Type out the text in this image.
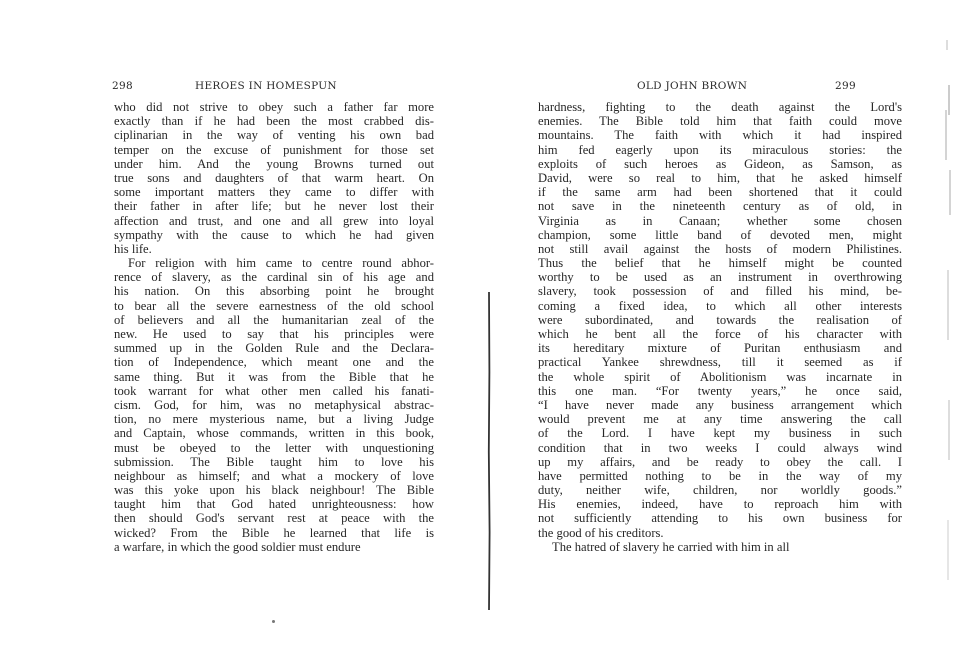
298	HEROES IN HOMESPUN
who did not strive to obey such a father far more
exactly than if he had been the most crabbed dis-
ciplinarian in the way of venting his own bad
temper on the excuse of punishment for those set
under him. And the young Browns turned out
true sons and daughters of that warm heart. On
some important matters they came to differ with
their father in after life; but he never lost their
affection and trust, and one and all grew into loyal
sympathy with the cause to which he had given
his life.
For religion with him came to centre round abhor-
rence of slavery, as the cardinal sin of his age and
his nation. On this absorbing point he brought
to bear all the severe earnestness of the old school
of believers and all the humanitarian zeal of the
new. He used to say that his principles were
summed up in the Golden Rule and the Declara-
tion of Independence, which meant one and the
same thing. But it was from the Bible that he
took warrant for what other men called his fanati-
cism. God, for him, was no metaphysical abstrac-
tion, no mere mysterious name, but a living Judge
and Captain, whose commands, written in this book,
must be obeyed to the letter with unquestioning
submission. The Bible taught him to love his
neighbour as himself; and what a mockery of love
was this yoke upon his black neighbour! The Bible
taught him that God hated unrighteousness: how
then should God's servant rest at peace with the
wicked? From the Bible he learned that life is
a warfare, in which the good soldier must endure
OLD JOHN BROWN	299
hardness, fighting to the death against the Lord's
enemies. The Bible told him that faith could move
mountains. The faith with which it had inspired
him fed eagerly upon its miraculous stories: the
exploits of such heroes as Gideon, as Samson, as
David, were so real to him, that he asked himself
if the same arm had been shortened that it could
not save in the nineteenth century as of old, in
Virginia as in Canaan; whether some chosen
champion, some little band of devoted men, might
not still avail against the hosts of modern Philistines.
Thus the belief that he himself might be counted
worthy to be used as an instrument in overthrowing
slavery, took possession of and filled his mind, be-
coming a fixed idea, to which all other interests
were subordinated, and towards the realisation of
which he bent all the force of his character with
its hereditary mixture of Puritan enthusiasm and
practical Yankee shrewdness, till it seemed as if
the whole spirit of Abolitionism was incarnate in
this one man. “For twenty years,” he once said,
“I have never made any business arrangement which
would prevent me at any time answering the call
of the Lord. I have kept my business in such
condition that in two weeks I could always wind
up my affairs, and be ready to obey the call. I
have permitted nothing to be in the way of my
duty, neither wife, children, nor worldly goods.”
His enemies, indeed, have to reproach him with
not sufficiently attending to his own business for
the good of his creditors.
The hatred of slavery he carried with him in all
